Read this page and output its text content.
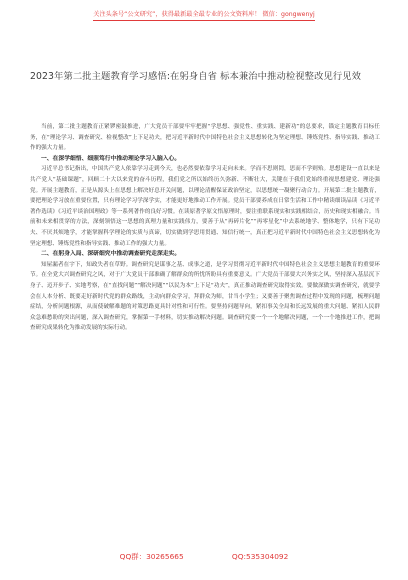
关注头条号“公文研究”，获得最新最全最专业的公文资料库！ 微信：gongwenyj
2023年第二批主题教育学习感悟:在躬身自省 标本兼治中推动检视整改见行见效

当前，第二批主题教育正紧锣密鼓推进，广大党员干部要牢牢把握“学思想、强党性、重实践、建新功”的总要求，锚定主题教育目标任务，在“理论学习、调查研究、检视整改”上下足功夫，把习近平新时代中国特色社会主义思想转化为坚定理想、锤炼党性、指导实践、推动工作的强大力量。

一、在深学细悟、细照笃行中推动理论学习入脑入心。

习近平总书记指出，中国共产党人依靠学习走到今天，也必然要依靠学习走向未来。学而不思则罔，思而不学则殆。思想建设一直以来是共产党人“基础课题”，回顾二十大以来党的奋斗历程，我们党之所以始终历久弥新、不断壮大，关键在于我们党始终重视思想建党、理论强党。开展主题教育，正是从源头上在思想上解决好总开关问题，以理论清醒保证政治坚定，以思想统一凝聚行动合力。开展第二批主题教育，要把理论学习放在重要位置，只有理论学习学深学实，才能更好地推动工作开展。党员干部要养成在日常生活和工作中精读细读品读《习近平著作选读》《习近平谈治国理政》等一系列著作的良好习惯。在读原著学原文悟原理时，要注重联系现实和实践相结合，历史和现实相融合。当前和未来相贯穿的方法，深刻领悟这一思想的真理力量和实践伟力，要善于从“再碎片化”“再零星化”中去系统地学、整体地学，只有下足功夫、不厌其烦地学，才能掌握科学理论的实质与真谛，切实做到学思用贯通、知信行统一，真正把习近平新时代中国特色社会主义思想转化为坚定理想、锤炼党性和指导实践、推动工作的强大力量。

二、在躬身入局、深研细究中推动调查研究走深走实。

知屋漏者在宇下，知政失者在草野。调查研究是谋事之基、成事之道，是学习贯彻习近平新时代中国特色社会主义思想主题教育的重要环节。在全党大兴调查研究之风，对于广大党员干部准确了解群众的所忧所盼具有重要意义。广大党员干部要大兴务实之风，坚持深入基层沉下身子、迈开步子、实地考察，在“直找问题”“解决问题”“以民为本”上下足“功夫”，真正推动调查研究取得实效。要做深做实调查研究，就要学会在人本分析、既要走好新时代党的群众路线，主动向群众学习，拜群众为师，甘当小学生；又要善于聚焦调查过程中发现的问题，梳理问题症结，分析问题根源，从而使破解难题的对策思路更具针对性和可行性。要坚持问题导向，紧扣事关全局和长远发展的重大问题、紧扣人民群众急难愁盼的突出问题，深入调查研究，掌握第一手材料，切实推动解决问题。调查研究要一个一个地解决问题，一个一个地推进工作，把调查研究成果转化为推动发展的实际行动。

QQ群：30265665	QQ:535304092
